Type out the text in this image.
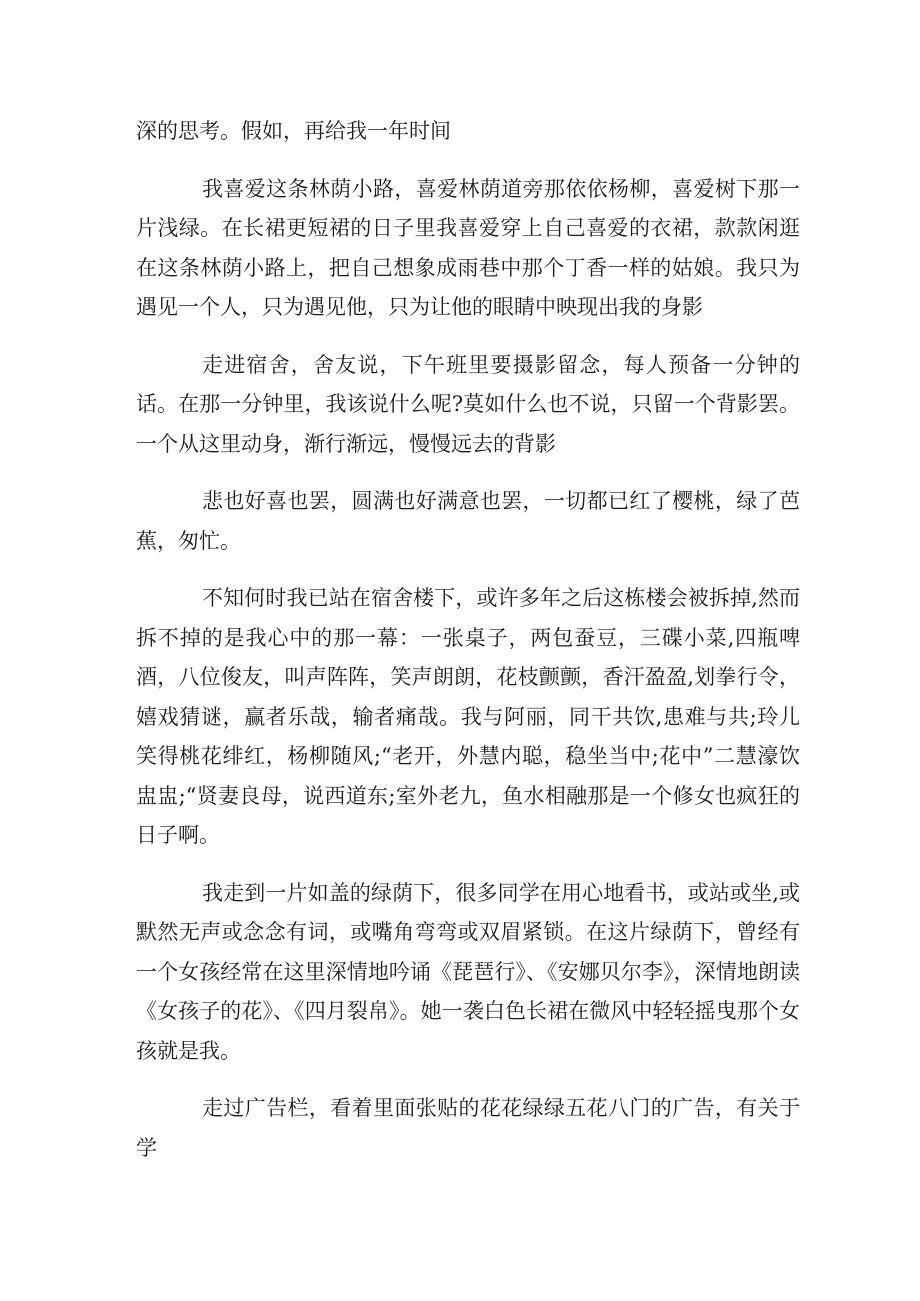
深的思考。假如，再给我一年时间

我喜爱这条林荫小路，喜爱林荫道旁那依依杨柳，喜爱树下那一片浅绿。在长裙更短裙的日子里我喜爱穿上自己喜爱的衣裙，款款闲逛在这条林荫小路上，把自己想象成雨巷中那个丁香一样的姑娘。我只为遇见一个人，只为遇见他，只为让他的眼睛中映现出我的身影

走进宿舍，舍友说，下午班里要摄影留念，每人预备一分钟的话。在那一分钟里，我该说什么呢?莫如什么也不说，只留一个背影罢。一个从这里动身，渐行渐远，慢慢远去的背影

悲也好喜也罢，圆满也好满意也罢，一切都已红了樱桃，绿了芭蕉，匆忙。

不知何时我已站在宿舍楼下，或许多年之后这栋楼会被拆掉,然而拆不掉的是我心中的那一幕：一张桌子，两包蚕豆，三碟小菜,四瓶啤酒，八位俊友，叫声阵阵，笑声朗朗，花枝颤颤，香汗盈盈,划拳行令，嬉戏猜谜，赢者乐哉，输者痛哉。我与阿丽，同干共饮,患难与共;玲儿笑得桃花绯红，杨柳随风;“老开，外慧内聪，稳坐当中;花中”二慧濠饮盅盅;“贤妻良母，说西道东;室外老九，鱼水相融那是一个修女也疯狂的日子啊。

我走到一片如盖的绿荫下，很多同学在用心地看书，或站或坐,或默然无声或念念有词，或嘴角弯弯或双眉紧锁。在这片绿荫下，曾经有一个女孩经常在这里深情地吟诵《琵琶行》、《安娜贝尔李》，深情地朗读《女孩子的花》、《四月裂帛》。她一袭白色长裙在微风中轻轻摇曳那个女孩就是我。

走过广告栏，看着里面张贴的花花绿绿五花八门的广告，有关于学
